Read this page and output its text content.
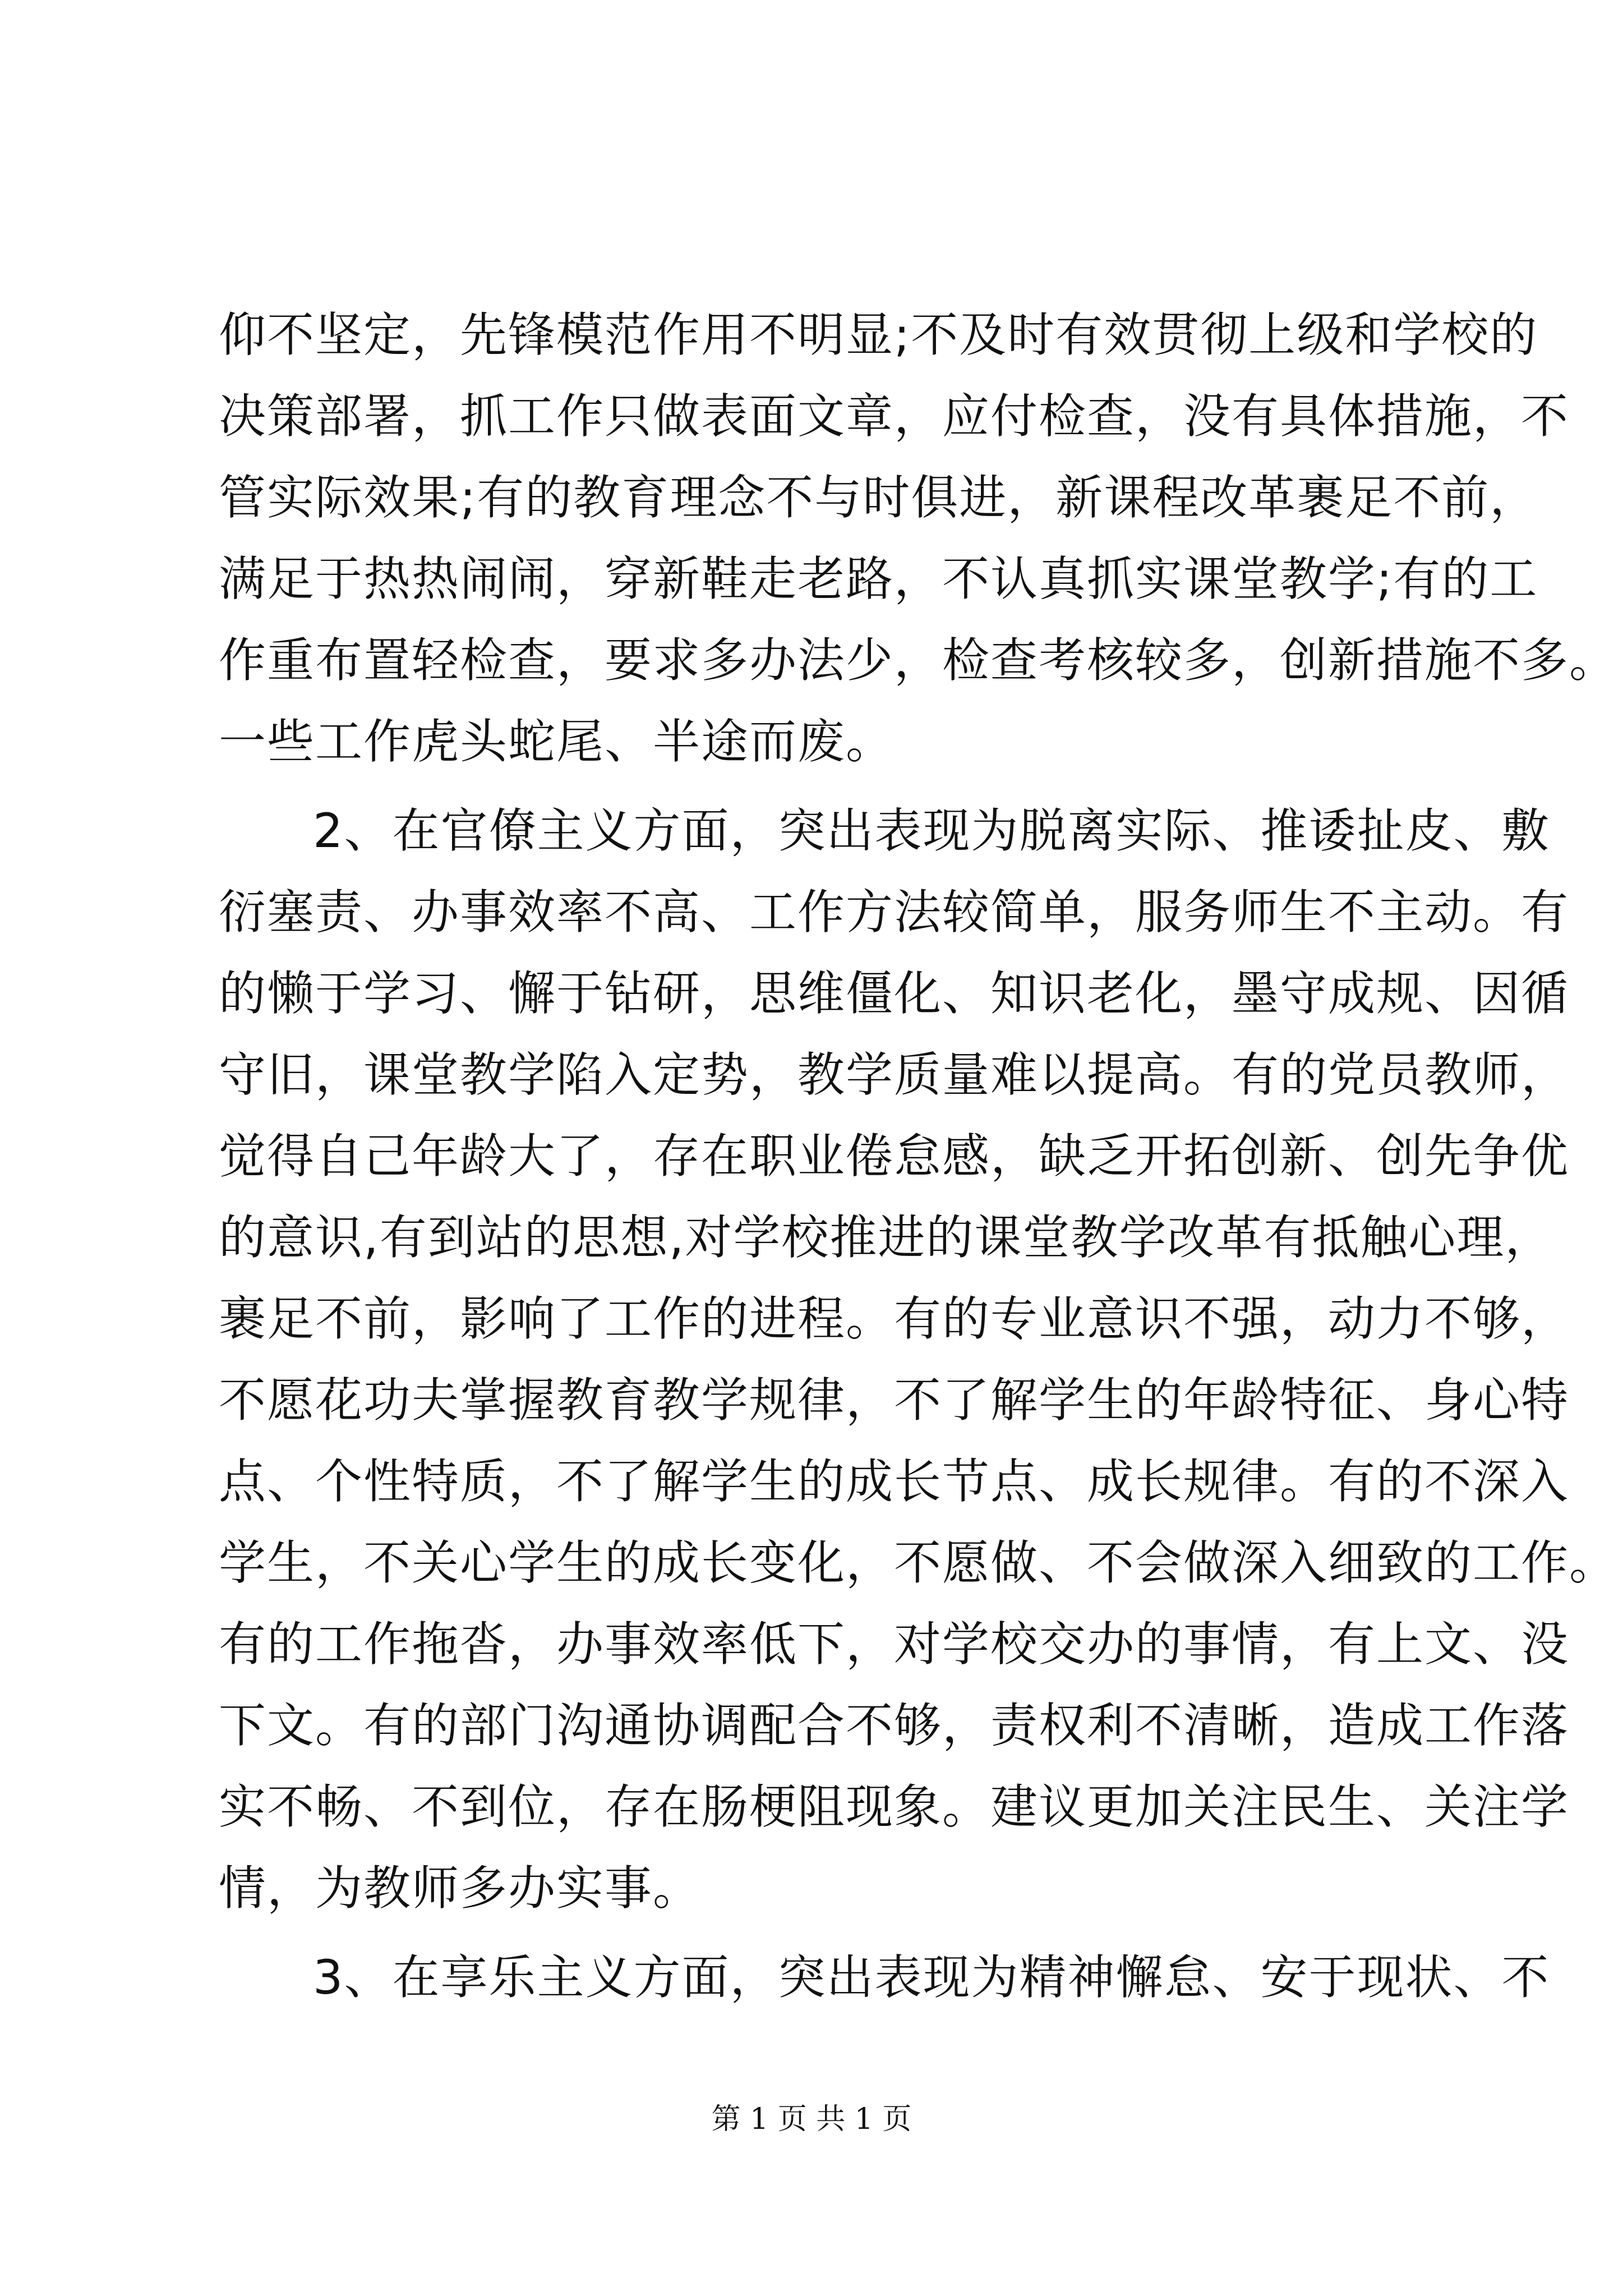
仰不坚定，先锋模范作用不明显;不及时有效贯彻上级和学校的
决策部署，抓工作只做表面文章，应付检查，没有具体措施，不
管实际效果;有的教育理念不与时俱进，新课程改革裹足不前，
满足于热热闹闹，穿新鞋走老路，不认真抓实课堂教学;有的工
作重布置轻检查，要求多办法少，检查考核较多，创新措施不多。
一些工作虎头蛇尾、半途而废。
2、在官僚主义方面，突出表现为脱离实际、推诿扯皮、敷
衍塞责、办事效率不高、工作方法较简单，服务师生不主动。有
的懒于学习、懈于钻研，思维僵化、知识老化，墨守成规、因循
守旧，课堂教学陷入定势，教学质量难以提高。有的党员教师，
觉得自己年龄大了，存在职业倦怠感，缺乏开拓创新、创先争优
的意识,有到站的思想,对学校推进的课堂教学改革有抵触心理，
裹足不前，影响了工作的进程。有的专业意识不强，动力不够，
不愿花功夫掌握教育教学规律，不了解学生的年龄特征、身心特
点、个性特质，不了解学生的成长节点、成长规律。有的不深入
学生，不关心学生的成长变化，不愿做、不会做深入细致的工作。
有的工作拖沓，办事效率低下，对学校交办的事情，有上文、没
下文。有的部门沟通协调配合不够，责权利不清晰，造成工作落
实不畅、不到位，存在肠梗阻现象。建议更加关注民生、关注学
情，为教师多办实事。
3、在享乐主义方面，突出表现为精神懈怠、安于现状、不
第 1 页 共 1 页
